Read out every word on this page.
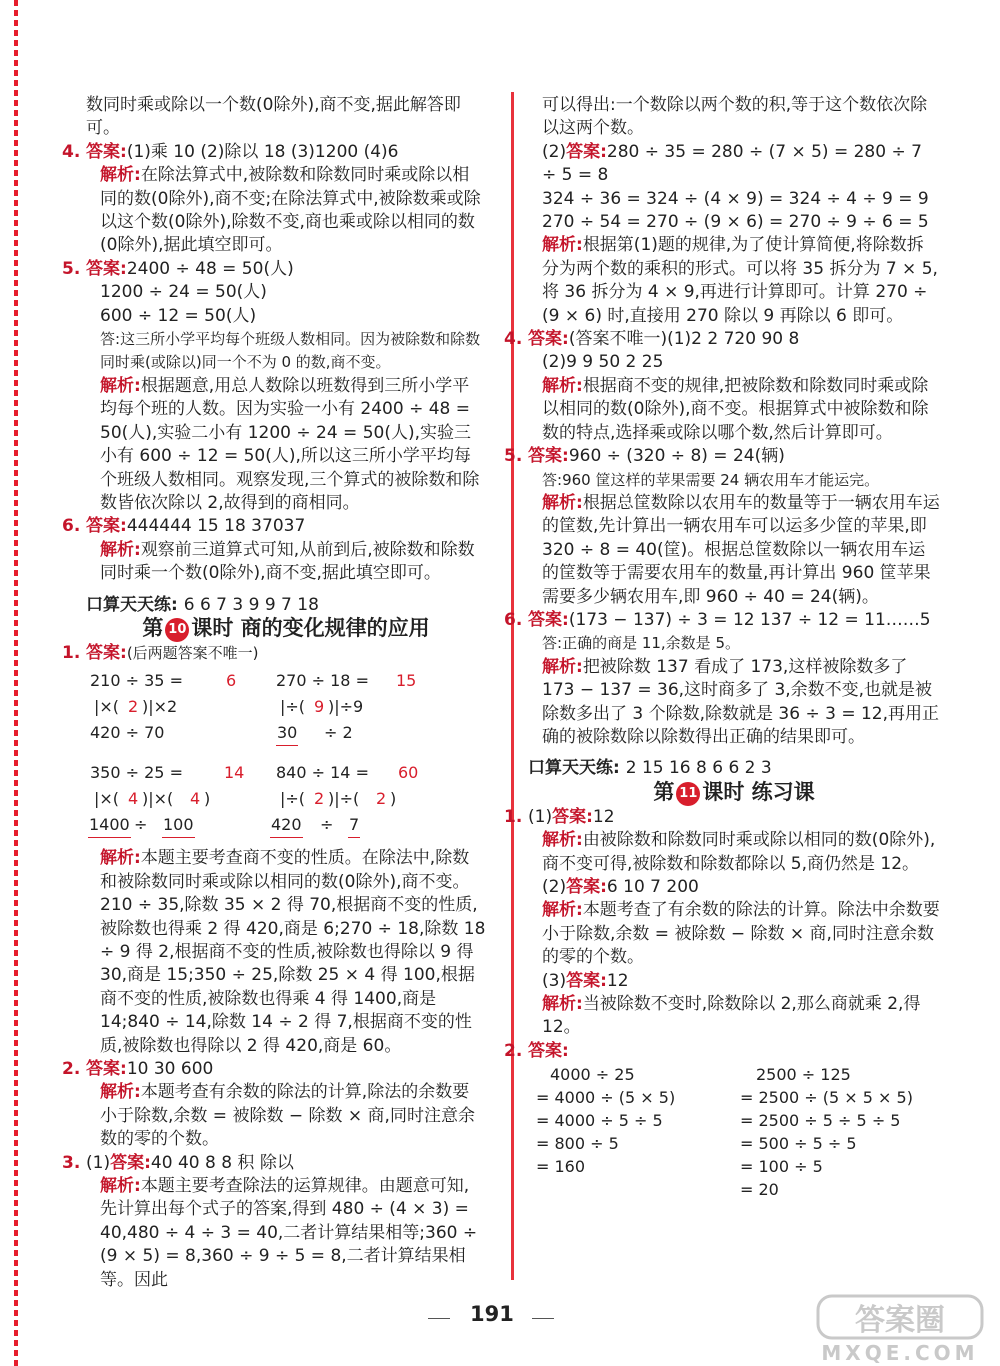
数同时乘或除以一个数(0除外),商不变,据此解答即可。

4. 答案:(1)乘 10 (2)除以 18 (3)1200 (4)6

解析:在除法算式中,被除数和除数同时乘或除以相同的数(0除外),商不变;在除法算式中,被除数乘或除以这个数(0除外),除数不变,商也乘或除以相同的数(0除外),据此填空即可。

5. 答案:2400 ÷ 48 = 50(人)

1200 ÷ 24 = 50(人)

600 ÷ 12 = 50(人)

答:这三所小学平均每个班级人数相同。因为被除数和除数同时乘(或除以)同一个不为 0 的数,商不变。

解析:根据题意,用总人数除以班数得到三所小学平均每个班的人数。因为实验一小有 2400 ÷ 48 = 50(人),实验二小有 1200 ÷ 24 = 50(人),实验三小有 600 ÷ 12 = 50(人),所以这三所小学平均每个班级人数相同。观察发现,三个算式的被除数和除数皆依次除以 2,故得到的商相同。

6. 答案:444444 15 18 37037

解析:观察前三道算式可知,从前到后,被除数和除数同时乘一个数(0除外),商不变,据此填空即可。

口算天天练: 6 6 7 3 9 9 7 18

第 10 课时 商的变化规律的应用

1. 答案:(后两题答案不唯一)

210 ÷ 35 =	6
|×( 2 )|×2
420 ÷ 70
270 ÷ 18 = 15
|÷( 9 )|÷9
30 ÷ 2
350 ÷ 25 =	14
|×( 4 )|×( 4 )
1400 ÷ 100
840 ÷ 14 = 60
|÷( 2 )|÷( 2 )
420 ÷ 7

解析:本题主要考查商不变的性质。在除法中,除数和被除数同时乘或除以相同的数(0除外),商不变。210 ÷ 35,除数 35 × 2 得 70,根据商不变的性质,被除数也得乘 2 得 420,商是 6;270 ÷ 18,除数 18 ÷ 9 得 2,根据商不变的性质,被除数也得除以 9 得 30,商是 15;350 ÷ 25,除数 25 × 4 得 100,根据商不变的性质,被除数也得乘 4 得 1400,商是 14;840 ÷ 14,除数 14 ÷ 2 得 7,根据商不变的性质,被除数也得除以 2 得 420,商是 60。

2. 答案:10 30 600

解析:本题考查有余数的除法的计算,除法的余数要小于除数,余数 = 被除数 − 除数 × 商,同时注意余数的零的个数。

3. (1)答案:40 40 8 8 积 除以

解析:本题主要考查除法的运算规律。由题意可知,先计算出每个式子的答案,得到 480 ÷ (4 × 3) = 40,480 ÷ 4 ÷ 3 = 40,二者计算结果相等;360 ÷ (9 × 5) = 8,360 ÷ 9 ÷ 5 = 8,二者计算结果相等。因此

可以得出:一个数除以两个数的积,等于这个数依次除以这两个数。

(2)答案:280 ÷ 35 = 280 ÷ (7 × 5) = 280 ÷ 7 ÷ 5 = 8

324 ÷ 36 = 324 ÷ (4 × 9) = 324 ÷ 4 ÷ 9 = 9

270 ÷ 54 = 270 ÷ (9 × 6) = 270 ÷ 9 ÷ 6 = 5

解析:根据第(1)题的规律,为了使计算简便,将除数拆分为两个数的乘积的形式。可以将 35 拆分为 7 × 5,将 36 拆分为 4 × 9,再进行计算即可。计算 270 ÷ (9 × 6) 时,直接用 270 除以 9 再除以 6 即可。

4. 答案:(答案不唯一)(1)2 2 720 90 8

(2)9 9 50 2 25

解析:根据商不变的规律,把被除数和除数同时乘或除以相同的数(0除外),商不变。根据算式中被除数和除数的特点,选择乘或除以哪个数,然后计算即可。

5. 答案:960 ÷ (320 ÷ 8) = 24(辆)

答:960 筐这样的苹果需要 24 辆农用车才能运完。

解析:根据总筐数除以农用车的数量等于一辆农用车运的筐数,先计算出一辆农用车可以运多少筐的苹果,即 320 ÷ 8 = 40(筐)。根据总筐数除以一辆农用车运的筐数等于需要农用车的数量,再计算出 960 筐苹果需要多少辆农用车,即 960 ÷ 40 = 24(辆)。

6. 答案:(173 − 137) ÷ 3 = 12 137 ÷ 12 = 11……5

答:正确的商是 11,余数是 5。

解析:把被除数 137 看成了 173,这样被除数多了 173 − 137 = 36,这时商多了 3,余数不变,也就是被除数多出了 3 个除数,除数就是 36 ÷ 3 = 12,再用正确的被除数除以除数得出正确的结果即可。

口算天天练: 2 15 16 8 6 6 2 3

第 11 课时 练习课

1. (1)答案:12

解析:由被除数和除数同时乘或除以相同的数(0除外),商不变可得,被除数和除数都除以 5,商仍然是 12。

(2)答案:6 10 7 200

解析:本题考查了有余数的除法的计算。除法中余数要小于除数,余数 = 被除数 − 除数 × 商,同时注意余数的零的个数。

(3)答案:12

解析:当被除数不变时,除数除以 2,那么商就乘 2,得 12。

2. 答案:

4000 ÷ 25
= 4000 ÷ (5 × 5)
= 4000 ÷ 5 ÷ 5
= 800 ÷ 5
= 160
2500 ÷ 125
= 2500 ÷ (5 × 5 × 5)
= 2500 ÷ 5 ÷ 5 ÷ 5
= 500 ÷ 5 ÷ 5
= 100 ÷ 5
= 20
191	答案圈
MXQE.COM
